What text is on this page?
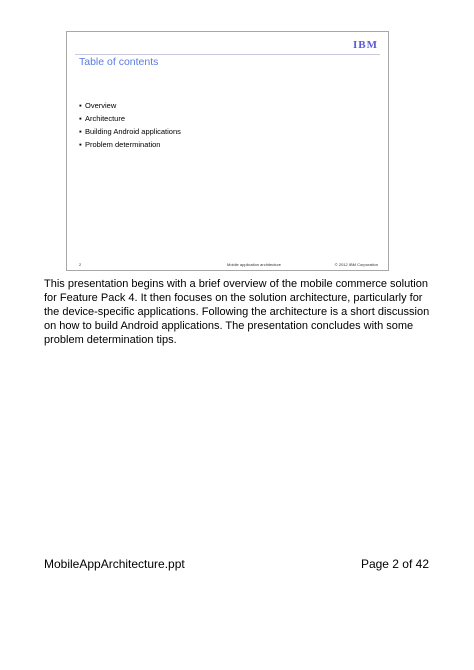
IBM
Table of contents
▪ Overview
▪ Architecture
▪ Building Android applications
▪ Problem determination
2	Mobile application architecture	© 2012 IBM Corporation

This presentation begins with a brief overview of the mobile commerce solution for Feature Pack 4. It then focuses on the solution architecture, particularly for the device-specific applications. Following the architecture is a short discussion on how to build Android applications. The presentation concludes with some problem determination tips.

MobileAppArchitecture.ppt	Page 2 of 42
